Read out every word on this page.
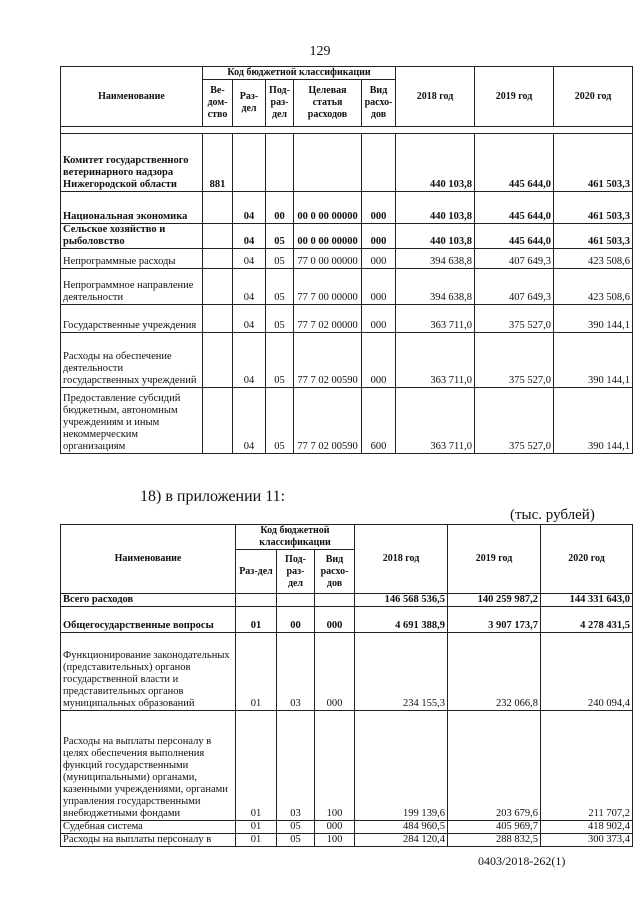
129
Наименование	Код бюджетной классификации					2018 год	2019 год	2020 год
	Ве-дом-ство	Раз-дел	Под-раз-дел	Целевая статья расходов	Вид расхо-дов			

Комитет государственного ветеринарного надзора Нижегородской области	881					440 103,8	445 644,0	461 503,3
Национальная экономика		04	00	00 0 00 00000	000	440 103,8	445 644,0	461 503,3
Сельское хозяйство и рыболовство		04	05	00 0 00 00000	000	440 103,8	445 644,0	461 503,3
Непрограммные расходы		04	05	77 0 00 00000	000	394 638,8	407 649,3	423 508,6
Непрограммное направление деятельности		04	05	77 7 00 00000	000	394 638,8	407 649,3	423 508,6
Государственные учреждения		04	05	77 7 02 00000	000	363 711,0	375 527,0	390 144,1
Расходы на обеспечение деятельности государственных учреждений		04	05	77 7 02 00590	000	363 711,0	375 527,0	390 144,1
Предоставление субсидий бюджетным, автономным учреждениям и иным некоммерческим организациям		04	05	77 7 02 00590	600	363 711,0	375 527,0	390 144,1
18) в приложении 11:
(тыс. рублей)
Наименование	Код бюджетной классификации			2018 год	2019 год	2020 год
	Раз-дел	Под-раз-дел	Вид расхо-дов			
Всего расходов				146 568 536,5	140 259 987,2	144 331 643,0
Общегосударственные вопросы	01	00	000	4 691 388,9	3 907 173,7	4 278 431,5
Функционирование законодательных (представительных) органов государственной власти и представительных органов муниципальных образований	01	03	000	234 155,3	232 066,8	240 094,4
Расходы на выплаты персоналу в целях обеспечения выполнения функций государственными (муниципальными) органами, казенными учреждениями, органами управления государственными внебюджетными фондами	01	03	100	199 139,6	203 679,6	211 707,2
Судебная система	01	05	000	484 960,5	405 969,7	418 902,4
Расходы на выплаты персоналу в	01	05	100	284 120,4	288 832,5	300 373,4
0403/2018-262(1)
